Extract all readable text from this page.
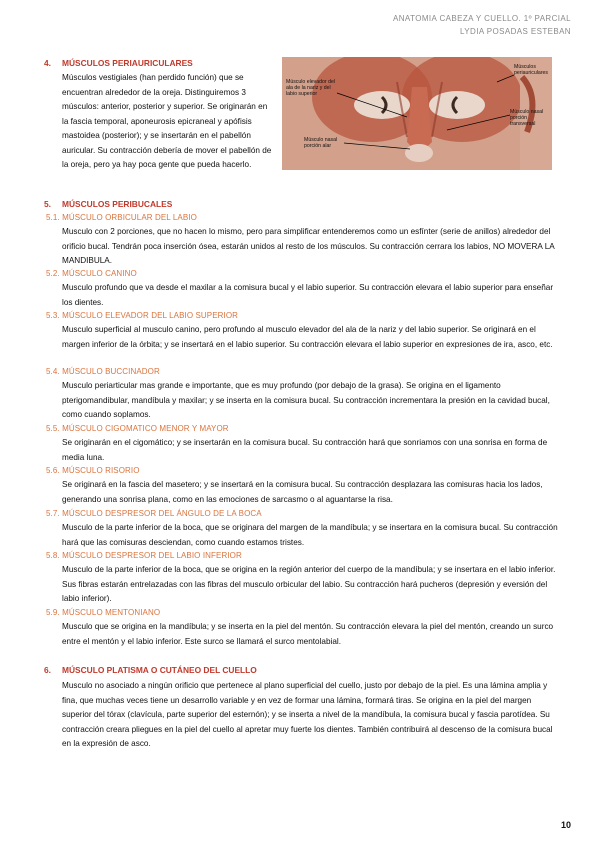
ANATOMIA CABEZA Y CUELLO. 1º PARCIAL
LYDIA POSADAS ESTEBAN
4. MÚSCULOS PERIAURICULARES
Músculos vestigiales (han perdido función) que se encuentran alrededor de la oreja. Distinguiremos 3 músculos: anterior, posterior y superior. Se originarán en la fascia temporal, aponeurosis epicraneal y apófisis mastoidea (posterior); y se insertarán en el pabellón auricular. Su contracción debería de mover el pabellón de la oreja, pero ya hay poca gente que pueda hacerlo.
Músculo elevador del ala de la nariz y del labio superior
Músculos periauriculares
Músculo nasal porción transversal
Músculo nasal porción alar
5. MÚSCULOS PERIBUCALES
5.1. MÚSCULO ORBICULAR DEL LABIO
Musculo con 2 porciones, que no hacen lo mismo, pero para simplificar entenderemos como un esfínter (serie de anillos) alrededor del orificio bucal. Tendrán poca inserción ósea, estarán unidos al resto de los músculos. Su contracción cerrara los labios, NO MOVERA LA MANDIBULA.
5.2. MÚSCULO CANINO
Musculo profundo que va desde el maxilar a la comisura bucal y el labio superior. Su contracción elevara el labio superior para enseñar los dientes.
5.3. MÚSCULO ELEVADOR DEL LABIO SUPERIOR
Musculo superficial al musculo canino, pero profundo al musculo elevador del ala de la nariz y del labio superior. Se originará en el margen inferior de la órbita; y se insertará en el labio superior. Su contracción elevara el labio superior en expresiones de ira, asco, etc.
5.4. MÚSCULO BUCCINADOR
Musculo periarticular mas grande e importante, que es muy profundo (por debajo de la grasa). Se origina en el ligamento pterigomandibular, mandíbula y maxilar; y se inserta en la comisura bucal. Su contracción incrementara la presión en la cavidad bucal, como cuando soplamos.
5.5. MÚSCULO CIGOMATICO MENOR Y MAYOR
Se originarán en el cigomático; y se insertarán en la comisura bucal. Su contracción hará que sonriamos con una sonrisa en forma de media luna.
5.6. MÚSCULO RISORIO
Se originará en la fascia del masetero; y se insertará en la comisura bucal. Su contracción desplazara las comisuras hacia los lados, generando una sonrisa plana, como en las emociones de sarcasmo o al aguantarse la risa.
5.7. MÚSCULO DESPRESOR DEL ÁNGULO DE LA BOCA
Musculo de la parte inferior de la boca, que se originara del margen de la mandíbula; y se insertara en la comisura bucal. Su contracción hará que las comisuras desciendan, como cuando estamos tristes.
5.8. MÚSCULO DESPRESOR DEL LABIO INFERIOR
Musculo de la parte inferior de la boca, que se origina en la región anterior del cuerpo de la mandíbula; y se insertara en el labio inferior. Sus fibras estarán entrelazadas con las fibras del musculo orbicular del labio. Su contracción hará pucheros (depresión y eversión del labio inferior).
5.9. MÚSCULO MENTONIANO
Musculo que se origina en la mandíbula; y se inserta en la piel del mentón. Su contracción elevara la piel del mentón, creando un surco entre el mentón y el labio inferior. Este surco se llamará el surco mentolabial.
6. MÚSCULO PLATISMA O CUTÁNEO DEL CUELLO
Musculo no asociado a ningún orificio que pertenece al plano superficial del cuello, justo por debajo de la piel. Es una lámina amplia y fina, que muchas veces tiene un desarrollo variable y en vez de formar una lámina, formará tiras. Se origina en la piel del margen superior del tórax (clavícula, parte superior del esternón); y se inserta a nivel de la mandíbula, la comisura bucal y fascia parotídea. Su contracción creara pliegues en la piel del cuello al apretar muy fuerte los dientes. También contribuirá al descenso de la comisura bucal en la expresión de asco.
10
